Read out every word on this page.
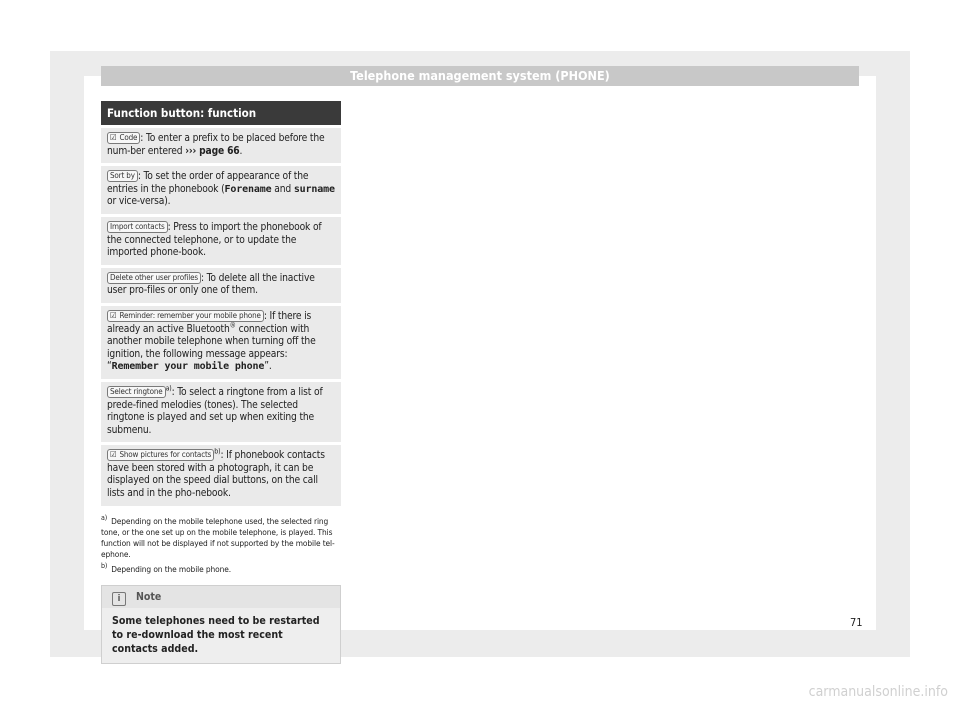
Telephone management system (PHONE)
Function button: function
☑ Code : To enter a prefix to be placed before the num-ber entered ››› page 66.
Sort by : To set the order of appearance of the entries in the phonebook (Forename and surname or vice-versa).
Import contacts : Press to import the phonebook of the connected telephone, or to update the imported phone-book.
Delete other user profiles : To delete all the inactive user pro-files or only one of them.
☑ Reminder: remember your mobile phone : If there is already an active Bluetooth® connection with another mobile telephone when turning off the ignition, the following message appears: “Remember your mobile phone”.
Select ringtone $^{a)}$: To select a ringtone from a list of prede-fined melodies (tones). The selected ringtone is played and set up when exiting the submenu.
☑ Show pictures for contacts $^{b)}$: If phonebook contacts have been stored with a photograph, it can be displayed on the speed dial buttons, on the call lists and in the pho-nebook.
$^{a)}$ Depending on the mobile telephone used, the selected ring tone, or the one set up on the mobile telephone, is played. This function will not be displayed if not supported by the mobile tel-ephone.
$^{b)}$ Depending on the mobile phone.
i Note
Some telephones need to be restarted to re-download the most recent contacts added.
71
carmanualsonline.info
